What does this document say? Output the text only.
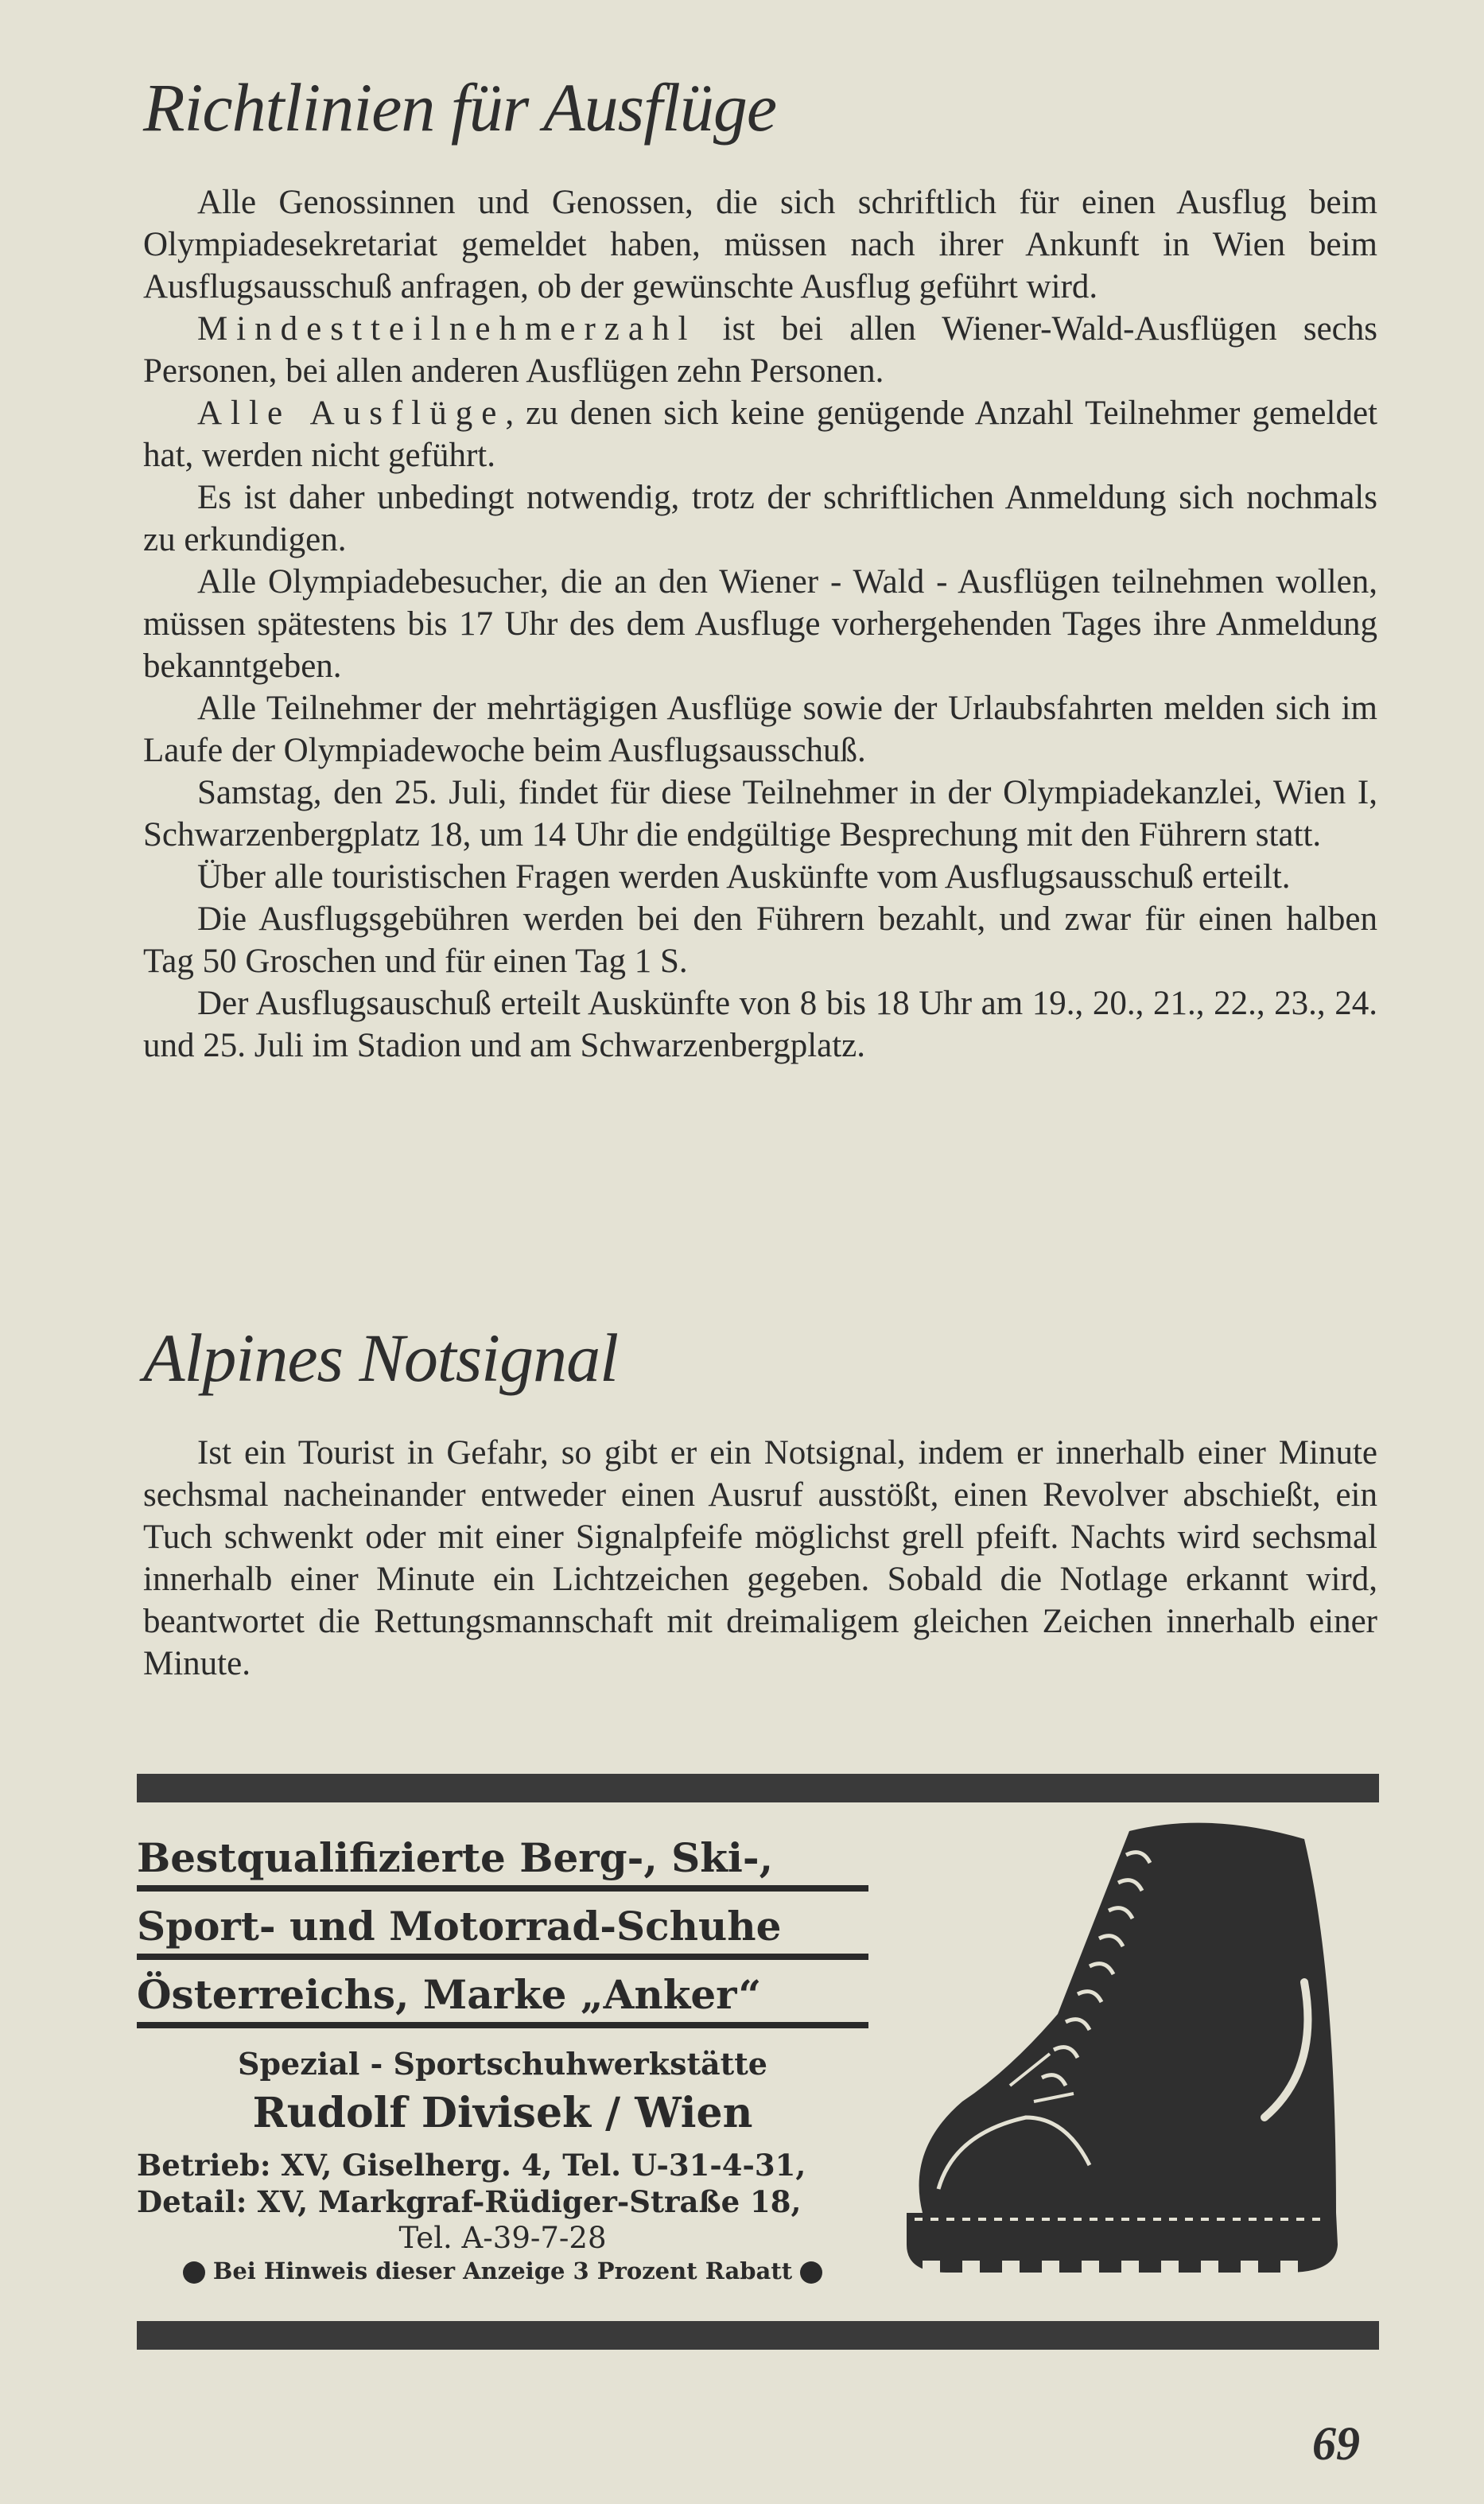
Richtlinien für Ausflüge

Alle Genossinnen und Genossen, die sich schriftlich für einen Ausflug beim Olympiadesekretariat gemeldet haben, müssen nach ihrer Ankunft in Wien beim Ausflugsausschuß anfragen, ob der gewünschte Ausflug geführt wird.

Mindestteilnehmerzahl ist bei allen Wiener-Wald-Ausflügen sechs Personen, bei allen anderen Ausflügen zehn Personen.

Alle Ausflüge, zu denen sich keine genügende Anzahl Teilnehmer gemeldet hat, werden nicht geführt.

Es ist daher unbedingt notwendig, trotz der schriftlichen Anmeldung sich nochmals zu erkundigen.

Alle Olympiadebesucher, die an den Wiener - Wald - Ausflügen teilnehmen wollen, müssen spätestens bis 17 Uhr des dem Ausfluge vorhergehenden Tages ihre Anmeldung bekanntgeben.

Alle Teilnehmer der mehrtägigen Ausflüge sowie der Urlaubsfahrten melden sich im Laufe der Olympiadewoche beim Ausflugsausschuß.

Samstag, den 25. Juli, findet für diese Teilnehmer in der Olympiadekanzlei, Wien I, Schwarzenbergplatz 18, um 14 Uhr die endgültige Besprechung mit den Führern statt.

Über alle touristischen Fragen werden Auskünfte vom Ausflugsausschuß erteilt.

Die Ausflugsgebühren werden bei den Führern bezahlt, und zwar für einen halben Tag 50 Groschen und für einen Tag 1 S.

Der Ausflugsauschuß erteilt Auskünfte von 8 bis 18 Uhr am 19., 20., 21., 22., 23., 24. und 25. Juli im Stadion und am Schwarzenbergplatz.

Alpines Notsignal

Ist ein Tourist in Gefahr, so gibt er ein Notsignal, indem er innerhalb einer Minute sechsmal nacheinander entweder einen Ausruf ausstößt, einen Revolver abschießt, ein Tuch schwenkt oder mit einer Signalpfeife möglichst grell pfeift. Nachts wird sechsmal innerhalb einer Minute ein Lichtzeichen gegeben. Sobald die Notlage erkannt wird, beantwortet die Rettungsmannschaft mit dreimaligem gleichen Zeichen innerhalb einer Minute.

Bestqualifizierte Berg-, Ski-,
Sport- und Motorrad-Schuhe
Österreichs, Marke „Anker“
Spezial - Sportschuhwerkstätte
Rudolf Divisek / Wien
Betrieb: XV, Giselherg. 4, Tel. U-31-4-31,
Detail: XV, Markgraf-Rüdiger-Straße 18,
Tel. A-39-7-28
Bei Hinweis dieser Anzeige 3 Prozent Rabatt
69
